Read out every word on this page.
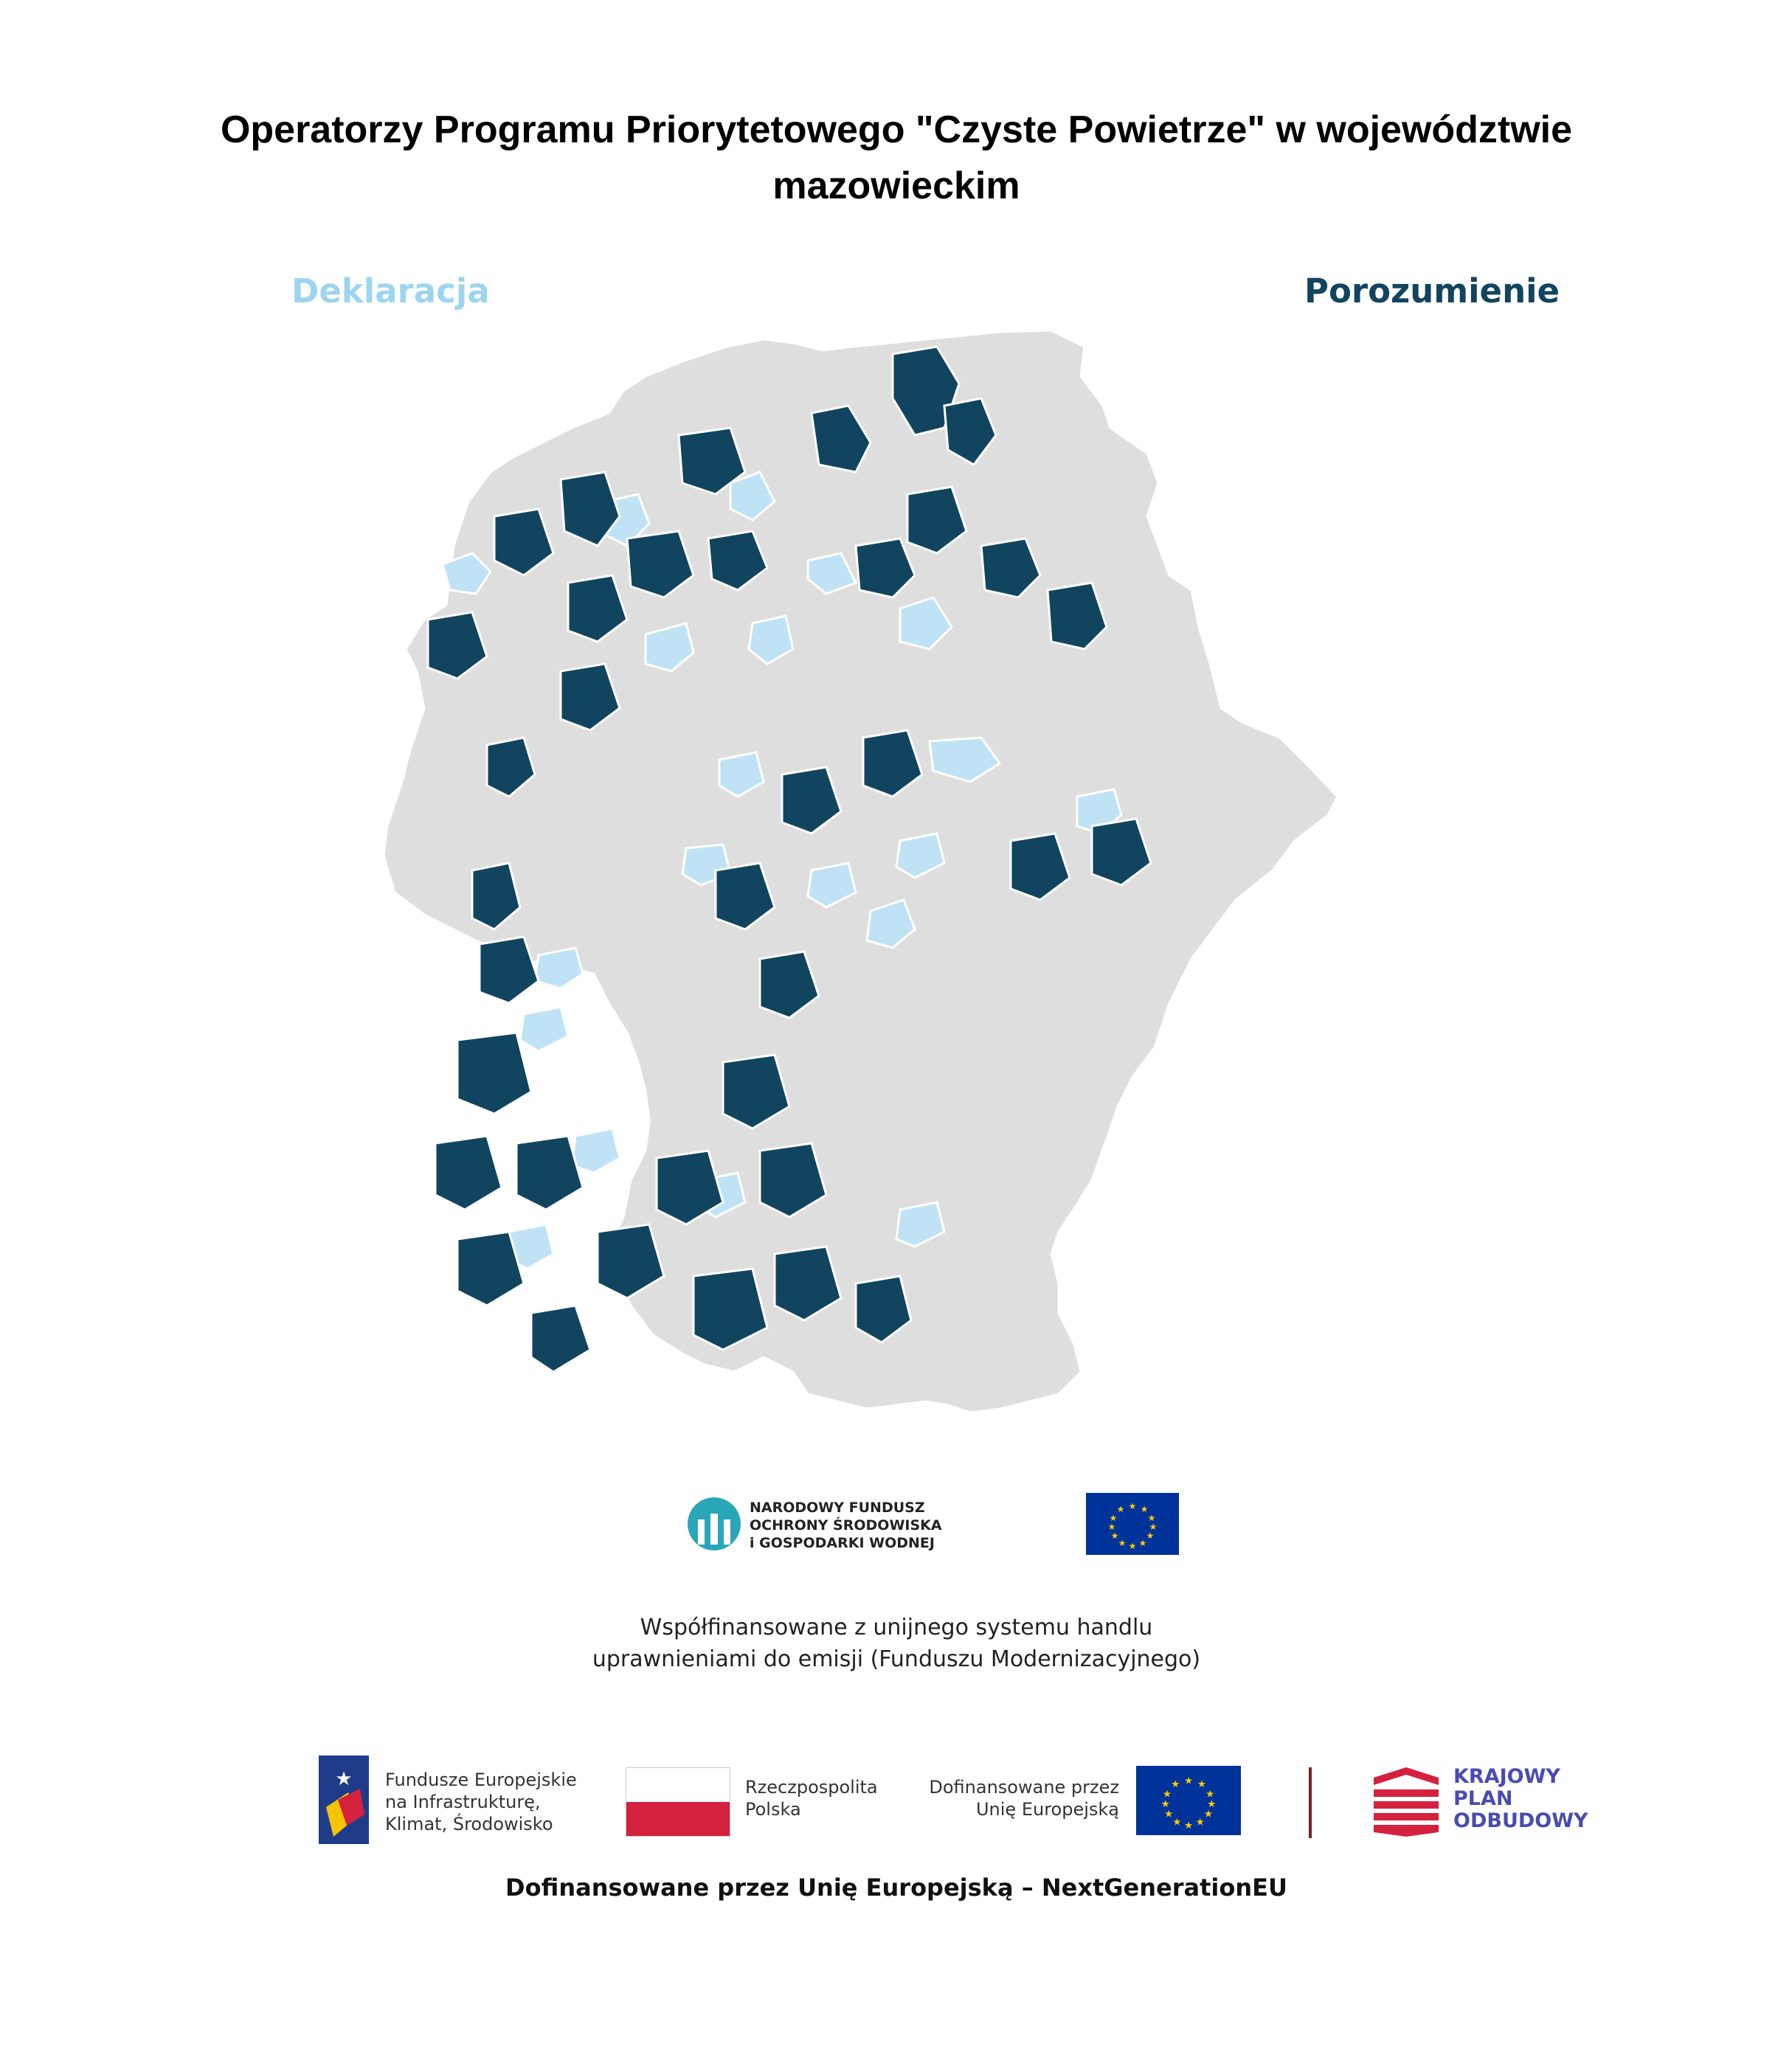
Operatorzy Programu Priorytetowego "Czyste Powietrze" w województwie
mazowieckim
Deklaracja	Porozumienie
NARODOWY FUNDUSZ
OCHRONY ŚRODOWISKA
i GOSPODARKI WODNEJ
★ ★
★
★
★
★
★
★
★
★
★
★
Współfinansowane z unijnego systemu handlu
uprawnieniami do emisji (Funduszu Modernizacyjnego)
★ Fundusze Europejskie
na Infrastrukturę,
Klimat, Środowisko
Rzeczpospolita
Polska
Dofinansowane przez
Unię Europejską
★ ★
★
★
★
★
★
★
★
★
★
★	KRAJOWY
PLAN
ODBUDOWY
Dofinansowane przez Unię Europejską – NextGenerationEU
